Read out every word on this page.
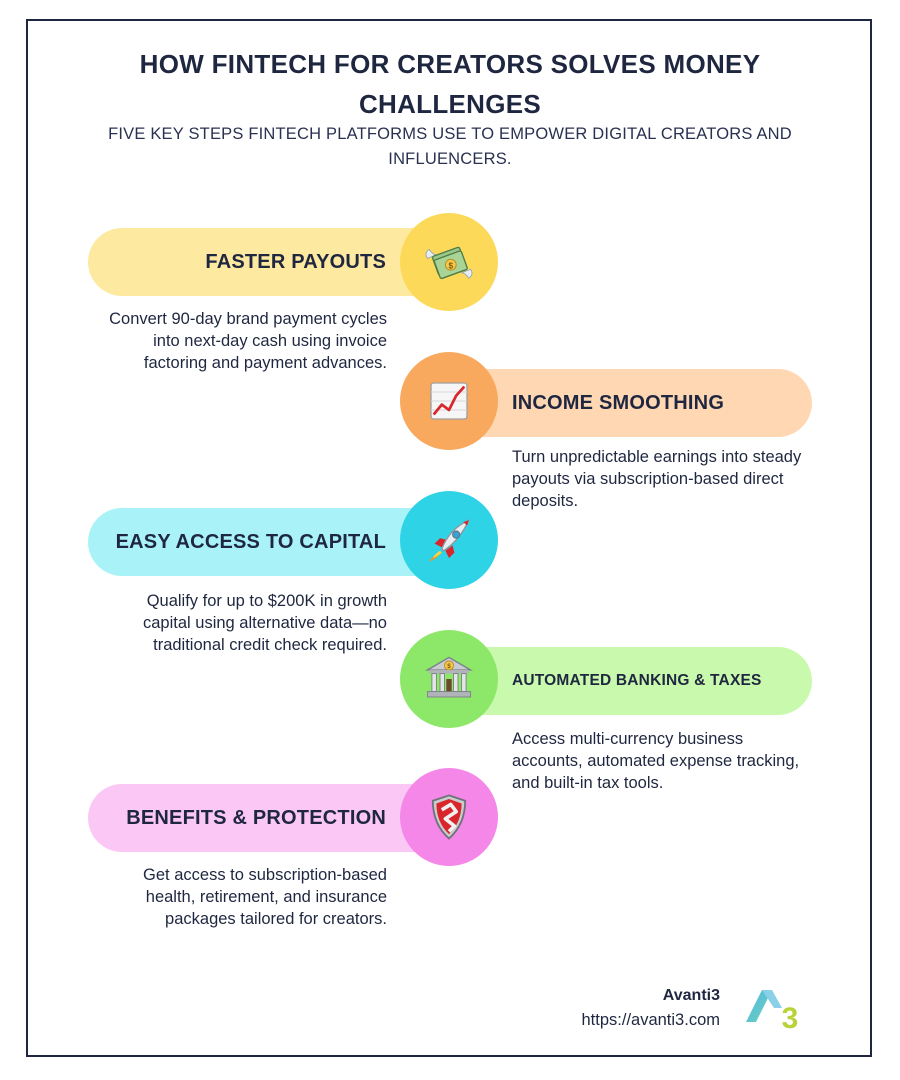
HOW FINTECH FOR CREATORS SOLVES MONEY CHALLENGES
FIVE KEY STEPS FINTECH PLATFORMS USE TO EMPOWER DIGITAL CREATORS AND INFLUENCERS.
FASTER PAYOUTS	$
Convert 90-day brand payment cycles into next-day cash using invoice factoring and payment advances.
INCOME SMOOTHING
Turn unpredictable earnings into steady payouts via subscription-based direct deposits.
EASY ACCESS TO CAPITAL
Qualify for up to $200K in growth capital using alternative data—no traditional credit check required.
AUTOMATED BANKING & TAXES
$
Access multi-currency business accounts, automated expense tracking, and built-in tax tools.
BENEFITS & PROTECTION
Get access to subscription-based health, retirement, and insurance packages tailored for creators.
Avanti3
https://avanti3.com 3
